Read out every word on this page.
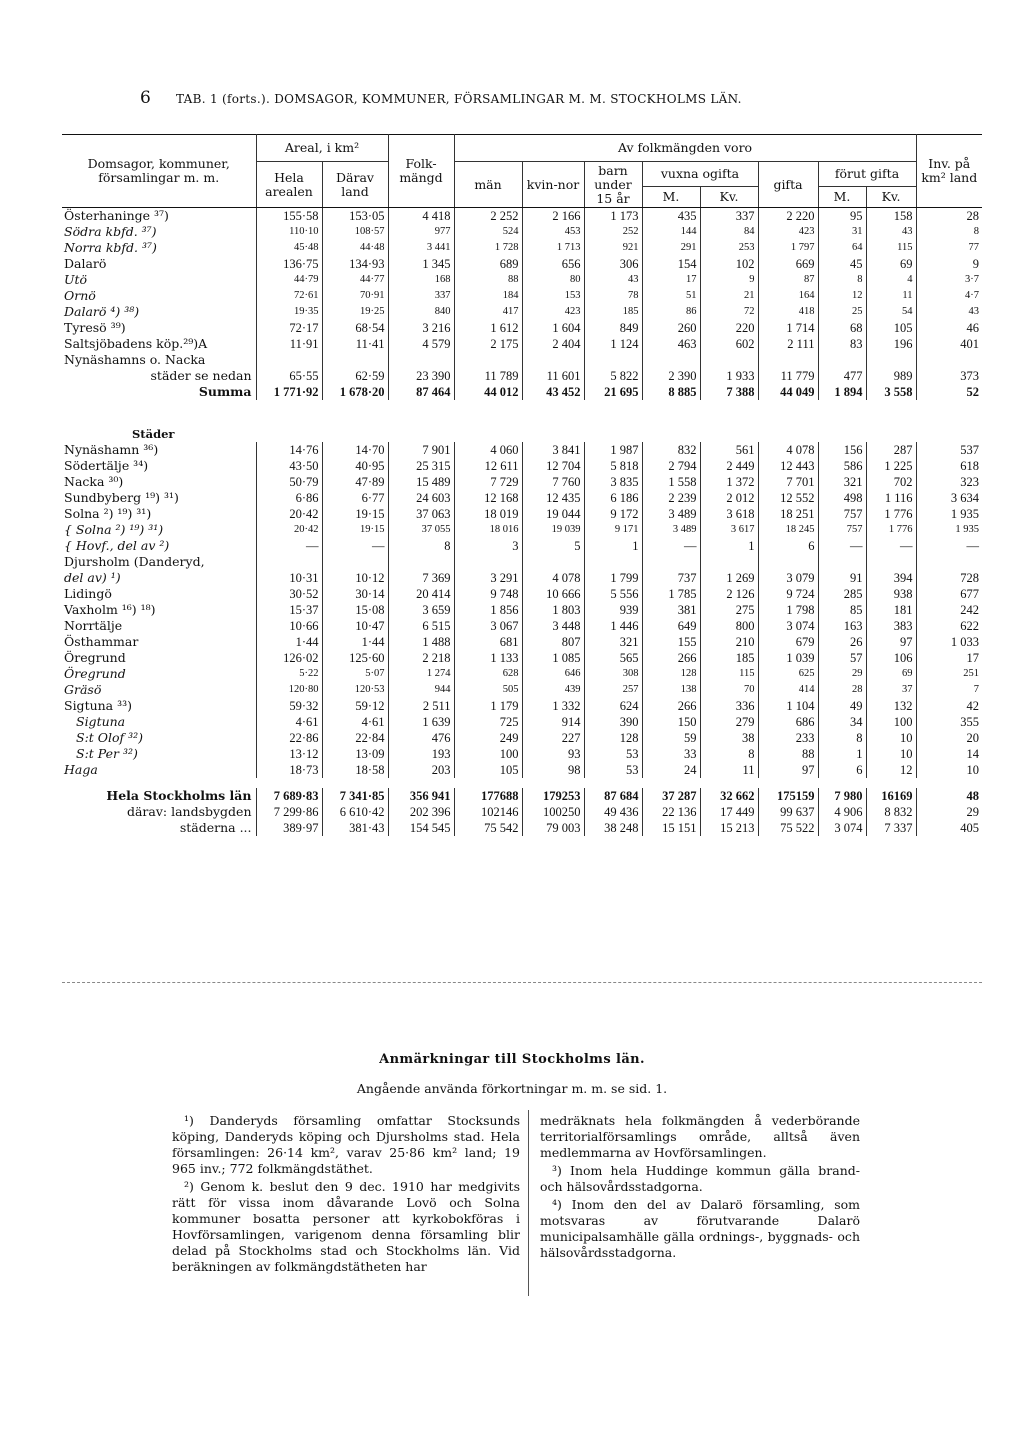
6 TAB. 1 (forts.). DOMSAGOR, KOMMUNER, FÖRSAMLINGAR M. M. STOCKHOLMS LÄN.
Domsagor, kommuner, församlingar m. m.	Areal, i km²		Folk-mängd	Av folkmängden voro								Inv. på km² land
	Hela arealen	Därav land		män	kvin-nor	barn under 15 år	vuxna ogifta		gifta	förut gifta		
							M.	Kv.		M.	Kv.	
Österhaninge ³⁷)	155·58	153·05	4 418	2 252	2 166	1 173	435	337	2 220	95	158	28
Södra kbfd. ³⁷)	110·10	108·57	977	524	453	252	144	84	423	31	43	8
Norra kbfd. ³⁷)	45·48	44·48	3 441	1 728	1 713	921	291	253	1 797	64	115	77
Dalarö	136·75	134·93	1 345	689	656	306	154	102	669	45	69	9
Utö	44·79	44·77	168	88	80	43	17	9	87	8	4	3·7
Ornö	72·61	70·91	337	184	153	78	51	21	164	12	11	4·7
Dalarö ⁴) ³⁸)	19·35	19·25	840	417	423	185	86	72	418	25	54	43
Tyresö ³⁹)	72·17	68·54	3 216	1 612	1 604	849	260	220	1 714	68	105	46
Saltsjöbadens köp.²⁹)A	11·91	11·41	4 579	2 175	2 404	1 124	463	602	2 111	83	196	401
Nynäshamns o. Nacka												
städer se nedan	65·55	62·59	23 390	11 789	11 601	5 822	2 390	1 933	11 779	477	989	373
Summa	1 771·92	1 678·20	87 464	44 012	43 452	21 695	8 885	7 388	44 049	1 894	3 558	52
Städer												
Nynäshamn ³⁶)	14·76	14·70	7 901	4 060	3 841	1 987	832	561	4 078	156	287	537
Södertälje ³⁴)	43·50	40·95	25 315	12 611	12 704	5 818	2 794	2 449	12 443	586	1 225	618
Nacka ³⁰)	50·79	47·89	15 489	7 729	7 760	3 835	1 558	1 372	7 701	321	702	323
Sundbyberg ¹⁹) ³¹)	6·86	6·77	24 603	12 168	12 435	6 186	2 239	2 012	12 552	498	1 116	3 634
Solna ²) ¹⁹) ³¹)	20·42	19·15	37 063	18 019	19 044	9 172	3 489	3 618	18 251	757	1 776	1 935
{ Solna ²) ¹⁹) ³¹)	20·42	19·15	37 055	18 016	19 039	9 171	3 489	3 617	18 245	757	1 776	1 935
{ Hovf., del av ²)	—	—	8	3	5	1	—	1	6	—	—	—
Djursholm (Danderyd,												
del av) ¹)	10·31	10·12	7 369	3 291	4 078	1 799	737	1 269	3 079	91	394	728
Lidingö	30·52	30·14	20 414	9 748	10 666	5 556	1 785	2 126	9 724	285	938	677
Vaxholm ¹⁶) ¹⁸)	15·37	15·08	3 659	1 856	1 803	939	381	275	1 798	85	181	242
Norrtälje	10·66	10·47	6 515	3 067	3 448	1 446	649	800	3 074	163	383	622
Östhammar	1·44	1·44	1 488	681	807	321	155	210	679	26	97	1 033
Öregrund	126·02	125·60	2 218	1 133	1 085	565	266	185	1 039	57	106	17
Öregrund	5·22	5·07	1 274	628	646	308	128	115	625	29	69	251
Gräsö	120·80	120·53	944	505	439	257	138	70	414	28	37	7
Sigtuna ³³)	59·32	59·12	2 511	1 179	1 332	624	266	336	1 104	49	132	42
Sigtuna	4·61	4·61	1 639	725	914	390	150	279	686	34	100	355
S:t Olof ³²)	22·86	22·84	476	249	227	128	59	38	233	8	10	20
S:t Per ³²)	13·12	13·09	193	100	93	53	33	8	88	1	10	14
Haga	18·73	18·58	203	105	98	53	24	11	97	6	12	10

Hela Stockholms län	7 689·83	7 341·85	356 941	177688	179253	87 684	37 287	32 662	175159	7 980	16169	48
därav: landsbygden	7 299·86	6 610·42	202 396	102146	100250	49 436	22 136	17 449	99 637	4 906	8 832	29
städerna ...	389·97	381·43	154 545	75 542	79 003	38 248	15 151	15 213	75 522	3 074	7 337	405
Anmärkningar till Stockholms län.
Angående använda förkortningar m. m. se sid. 1.

¹) Danderyds församling omfattar Stocksunds köping, Danderyds köping och Djursholms stad. Hela församlingen: 26·14 km², varav 25·86 km² land; 19 965 inv.; 772 folkmängdstäthet.

²) Genom k. beslut den 9 dec. 1910 har medgivits rätt för vissa inom dåvarande Lovö och Solna kommuner bosatta personer att kyrkobokföras i Hovförsamlingen, varigenom denna församling blir delad på Stockholms stad och Stockholms län. Vid beräkningen av folkmängdstätheten har

medräknats hela folkmängden å vederbörande territorialförsamlings område, alltså även medlemmarna av Hovförsamlingen.

³) Inom hela Huddinge kommun gälla brand- och hälsovårdsstadgorna.

⁴) Inom den del av Dalarö församling, som motsvaras av förutvarande Dalarö municipalsamhälle gälla ordnings-, byggnads- och hälsovårdsstadgorna.
